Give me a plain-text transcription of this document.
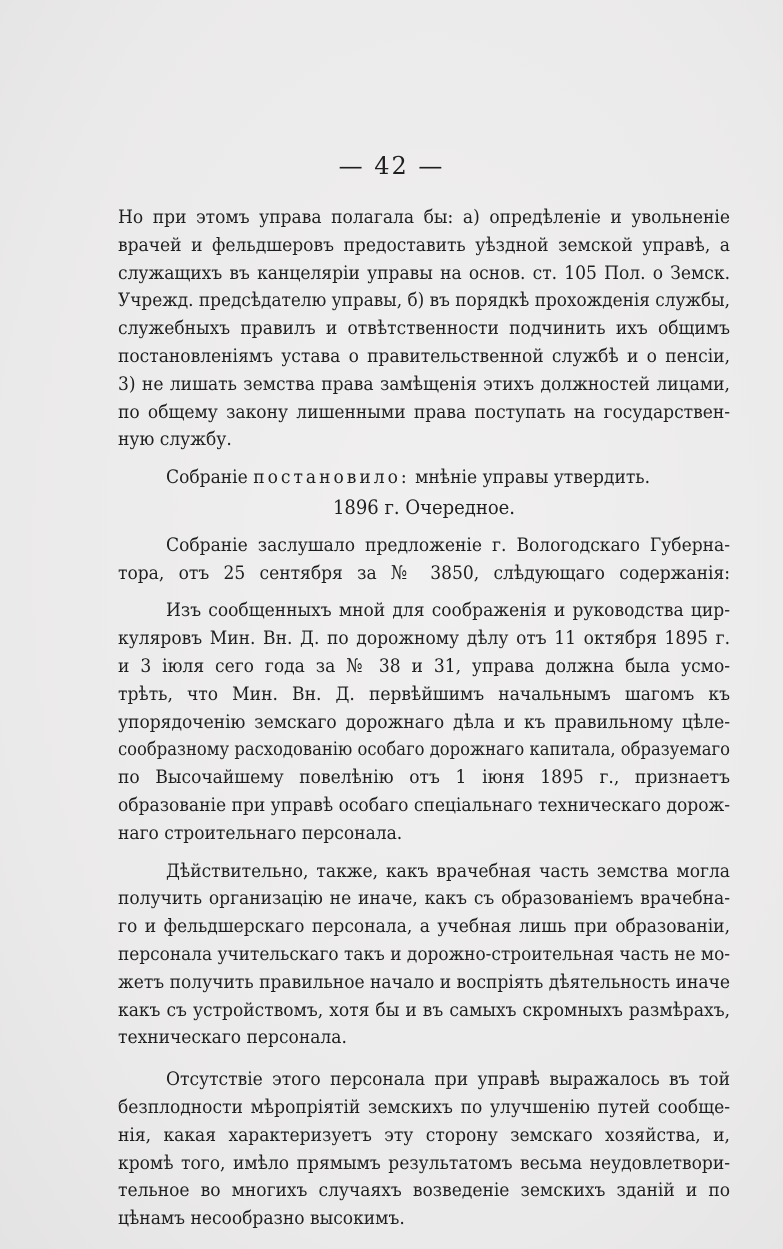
— 42 —

Но при этомъ управа полагала бы: а) опредѣленіе и увольненіе
врачей и фельдшеровъ предоставить уѣздной земской управѣ, а
служащихъ въ канцеляріи управы на основ. ст. 105 Пол. о Земск.
Учрежд. предсѣдателю управы, б) въ порядкѣ прохожденія службы,
служебныхъ правилъ и отвѣтственности подчинить ихъ общимъ
постановленіямъ устава о правительственной службѣ и о пенсіи,
3) не лишать земства права замѣщенія этихъ должностей лицами,
по общему закону лишенными права поступать на государствен-
ную службу.

Собраніе постановило: мнѣніе управы утвердить.

1896 г. Очередное.

Собраніе заслушало предложеніе г. Вологодскаго Губерна-
тора, отъ 25 сентября за № 3850, слѣдующаго содержанія:

Изъ сообщенныхъ мной для соображенія и руководства цир-
куляровъ Мин. Вн. Д. по дорожному дѣлу отъ 11 октября 1895 г.
и 3 іюля сего года за № 38 и 31, управа должна была усмо-
трѣть, что Мин. Вн. Д. первѣйшимъ начальнымъ шагомъ къ
упорядоченію земскаго дорожнаго дѣла и къ правильному цѣле-
сообразному расходованію особаго дорожнаго капитала, образуемаго
по Высочайшему повелѣнію отъ 1 іюня 1895 г., признаетъ
образованіе при управѣ особаго спеціальнаго техническаго дорож-
наго строительнаго персонала.

Дѣйствительно, также, какъ врачебная часть земства могла
получить организацію не иначе, какъ съ образованіемъ врачебна-
го и фельдшерскаго персонала, а учебная лишь при образованіи,
персонала учительскаго такъ и дорожно-строительная часть не мо-
жетъ получить правильное начало и воспріять дѣятельность иначе
какъ съ устройствомъ, хотя бы и въ самыхъ скромныхъ размѣрахъ,
техническаго персонала.

Отсутствіе этого персонала при управѣ выражалось въ той
безплодности мѣропріятій земскихъ по улучшенію путей сообще-
нія, какая характеризуетъ эту сторону земскаго хозяйства, и,
кромѣ того, имѣло прямымъ результатомъ весьма неудовлетвори-
тельное во многихъ случаяхъ возведеніе земскихъ зданій и по
цѣнамъ несообразно высокимъ.
